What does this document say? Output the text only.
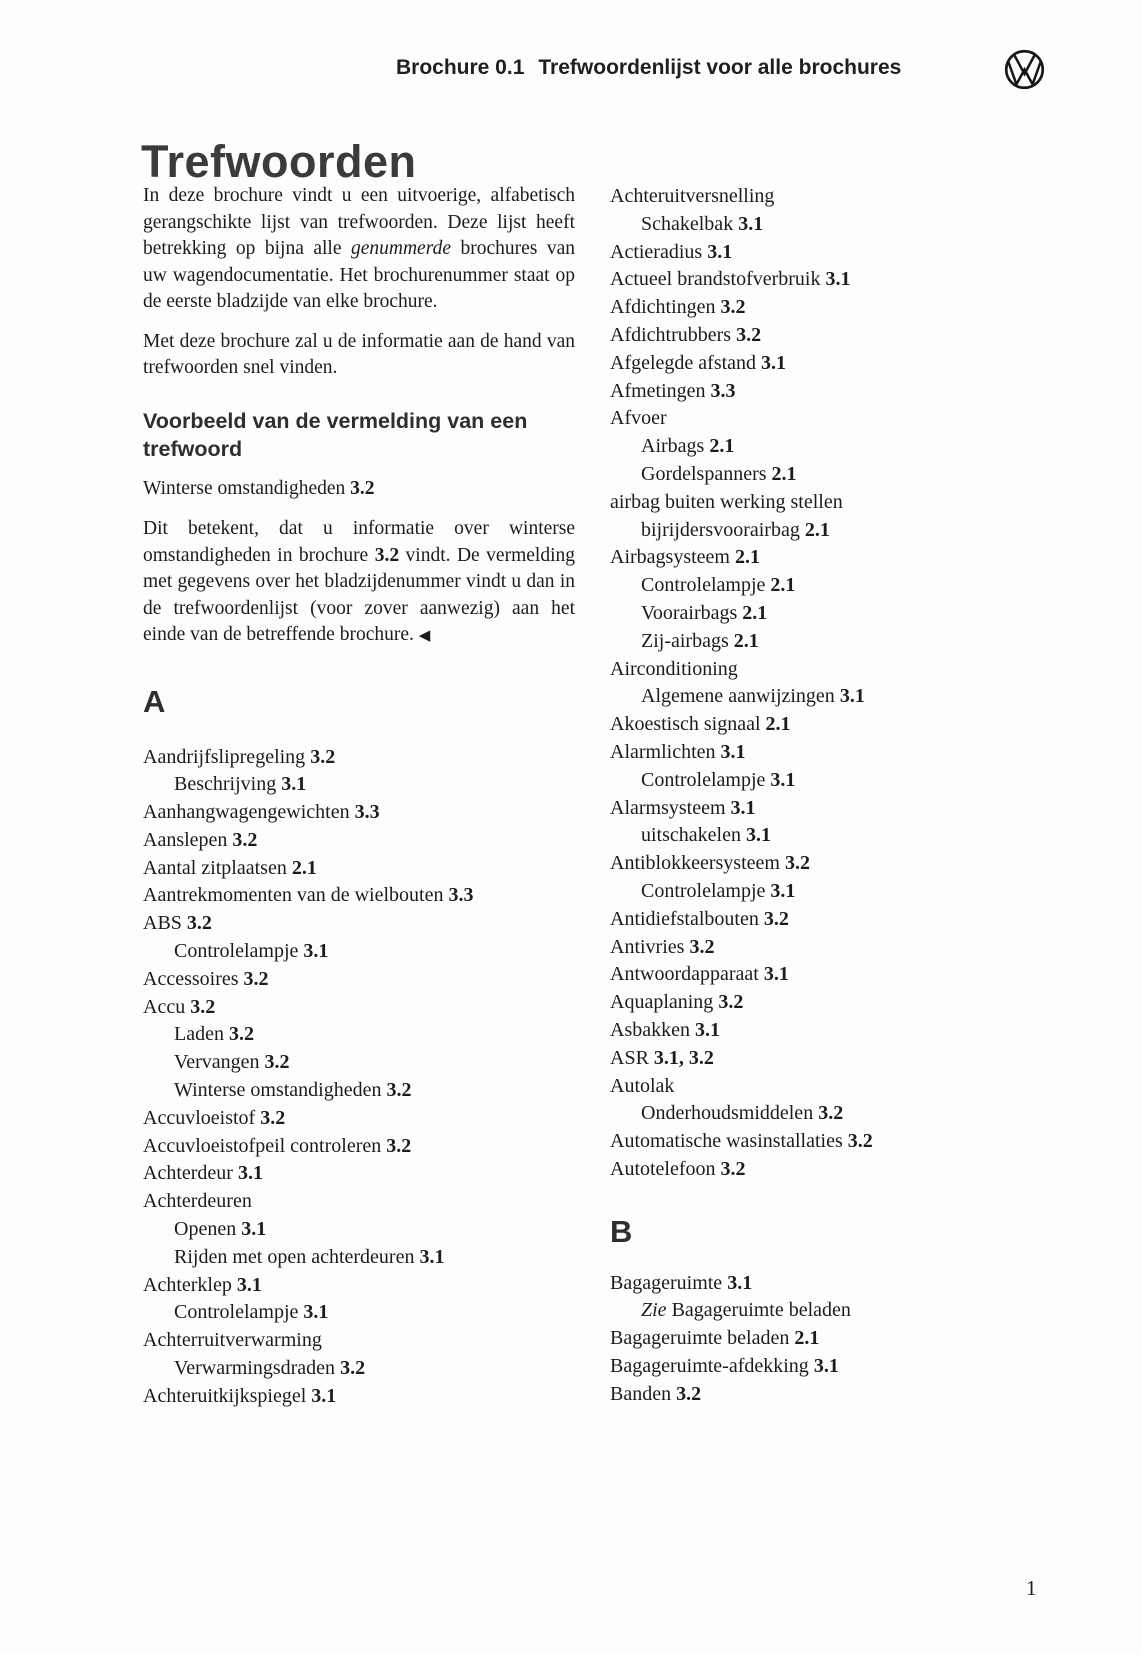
Brochure 0.1 Trefwoordenlijst voor alle brochures
Trefwoorden

In deze brochure vindt u een uitvoerige, alfabetisch gerangschikte lijst van trefwoorden. Deze lijst heeft betrekking op bijna alle genummerde brochures van uw wagendocumentatie. Het brochurenummer staat op de eerste bladzijde van elke brochure.

Met deze brochure zal u de informatie aan de hand van trefwoorden snel vinden.

Voorbeeld van de vermelding van een trefwoord

Winterse omstandigheden 3.2

Dit betekent, dat u informatie over winterse omstandigheden in brochure 3.2 vindt. De vermelding met gegevens over het bladzijdenummer vindt u dan in de trefwoordenlijst (voor zover aanwezig) aan het einde van de betreffende brochure. ◀

A
Aandrijfslipregeling 3.2
Beschrijving 3.1
Aanhangwagengewichten 3.3
Aanslepen 3.2
Aantal zitplaatsen 2.1
Aantrekmomenten van de wielbouten 3.3
ABS 3.2
Controlelampje 3.1
Accessoires 3.2
Accu 3.2
Laden 3.2
Vervangen 3.2
Winterse omstandigheden 3.2
Accuvloeistof 3.2
Accuvloeistofpeil controleren 3.2
Achterdeur 3.1
Achterdeuren
Openen 3.1
Rijden met open achterdeuren 3.1
Achterklep 3.1
Controlelampje 3.1
Achterruitverwarming
Verwarmingsdraden 3.2
Achteruitkijkspiegel 3.1
Achteruitversnelling
Schakelbak 3.1
Actieradius 3.1
Actueel brandstofverbruik 3.1
Afdichtingen 3.2
Afdichtrubbers 3.2
Afgelegde afstand 3.1
Afmetingen 3.3
Afvoer
Airbags 2.1
Gordelspanners 2.1
airbag buiten werking stellen
bijrijdersvoorairbag 2.1
Airbagsysteem 2.1
Controlelampje 2.1
Voorairbags 2.1
Zij-airbags 2.1
Airconditioning
Algemene aanwijzingen 3.1
Akoestisch signaal 2.1
Alarmlichten 3.1
Controlelampje 3.1
Alarmsysteem 3.1
uitschakelen 3.1
Antiblokkeersysteem 3.2
Controlelampje 3.1
Antidiefstalbouten 3.2
Antivries 3.2
Antwoordapparaat 3.1
Aquaplaning 3.2
Asbakken 3.1
ASR 3.1, 3.2
Autolak
Onderhoudsmiddelen 3.2
Automatische wasinstallaties 3.2
Autotelefoon 3.2
B
Bagageruimte 3.1
Zie Bagageruimte beladen
Bagageruimte beladen 2.1
Bagageruimte-afdekking 3.1
Banden 3.2
1
